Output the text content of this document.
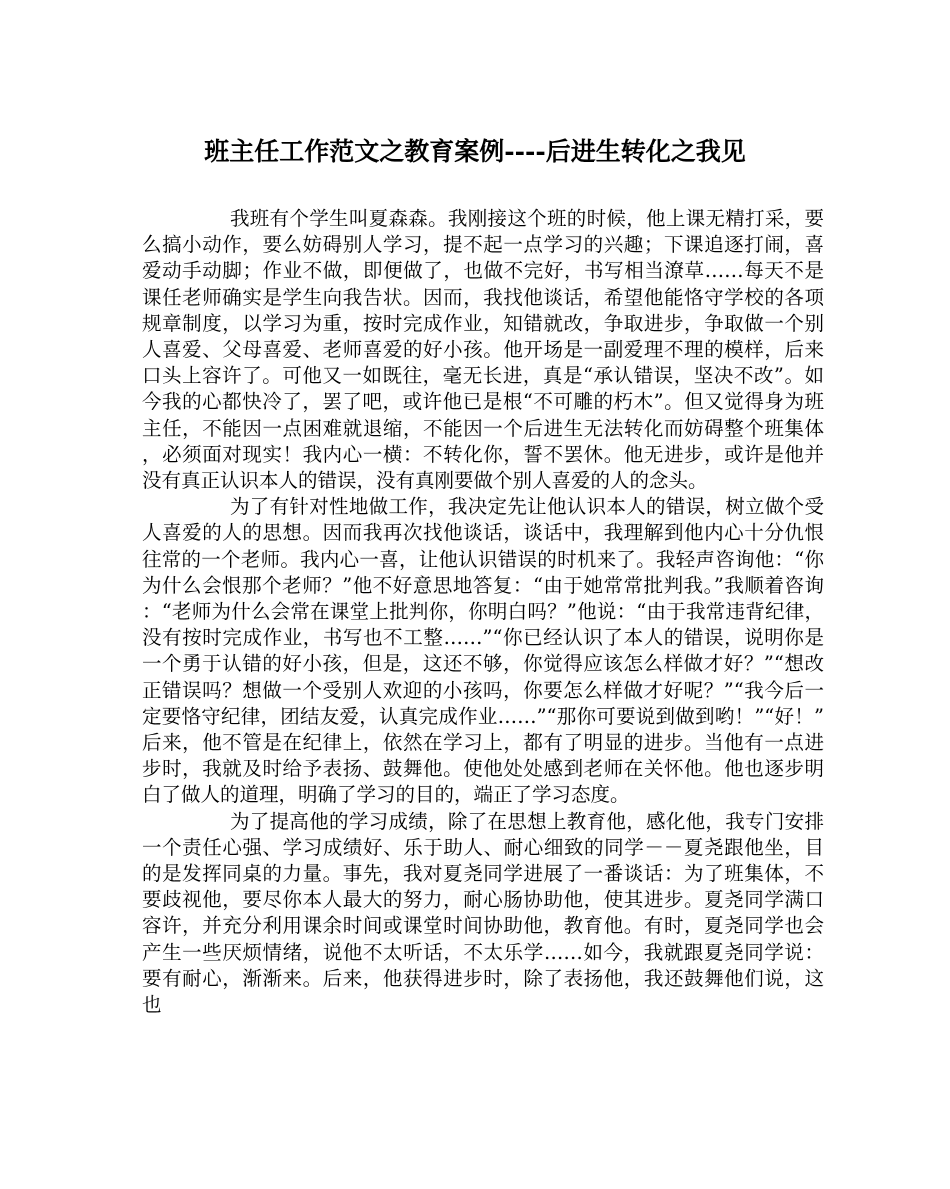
班主任工作范文之教育案例----后进生转化之我见

我班有个学生叫夏森森。我刚接这个班的时候，他上课无精打采，要么搞小动作，要么妨碍别人学习，提不起一点学习的兴趣；下课追逐打闹，喜爱动手动脚；作业不做，即便做了，也做不完好，书写相当潦草……每天不是课任老师确实是学生向我告状。因而，我找他谈话，希望他能恪守学校的各项规章制度，以学习为重，按时完成作业，知错就改，争取进步，争取做一个别人喜爱、父母喜爱、老师喜爱的好小孩。他开场是一副爱理不理的模样，后来口头上容许了。可他又一如既往，毫无长进，真是“承认错误，坚决不改”。如今我的心都快冷了，罢了吧，或许他已是根“不可雕的朽木”。但又觉得身为班主任，不能因一点困难就退缩，不能因一个后进生无法转化而妨碍整个班集体，必须面对现实！我内心一横：不转化你，誓不罢休。他无进步，或许是他并没有真正认识本人的错误，没有真刚要做个别人喜爱的人的念头。

为了有针对性地做工作，我决定先让他认识本人的错误，树立做个受人喜爱的人的思想。因而我再次找他谈话，谈话中，我理解到他内心十分仇恨往常的一个老师。我内心一喜，让他认识错误的时机来了。我轻声咨询他：“你为什么会恨那个老师？”他不好意思地答复：“由于她常常批判我。”我顺着咨询：“老师为什么会常在课堂上批判你，你明白吗？”他说：“由于我常违背纪律，没有按时完成作业，书写也不工整……”“你已经认识了本人的错误，说明你是一个勇于认错的好小孩，但是，这还不够，你觉得应该怎么样做才好？”“想改正错误吗？想做一个受别人欢迎的小孩吗，你要怎么样做才好呢？”“我今后一定要恪守纪律，团结友爱，认真完成作业……”“那你可要说到做到哟！”“好！”后来，他不管是在纪律上，依然在学习上，都有了明显的进步。当他有一点进步时，我就及时给予表扬、鼓舞他。使他处处感到老师在关怀他。他也逐步明白了做人的道理，明确了学习的目的，端正了学习态度。

为了提高他的学习成绩，除了在思想上教育他，感化他，我专门安排一个责任心强、学习成绩好、乐于助人、耐心细致的同学－－夏尧跟他坐，目的是发挥同桌的力量。事先，我对夏尧同学进展了一番谈话：为了班集体，不要歧视他，要尽你本人最大的努力，耐心肠协助他，使其进步。夏尧同学满口容许，并充分利用课余时间或课堂时间协助他，教育他。有时，夏尧同学也会产生一些厌烦情绪，说他不太听话，不太乐学……如今，我就跟夏尧同学说：要有耐心，渐渐来。后来，他获得进步时，除了表扬他，我还鼓舞他们说，这也
